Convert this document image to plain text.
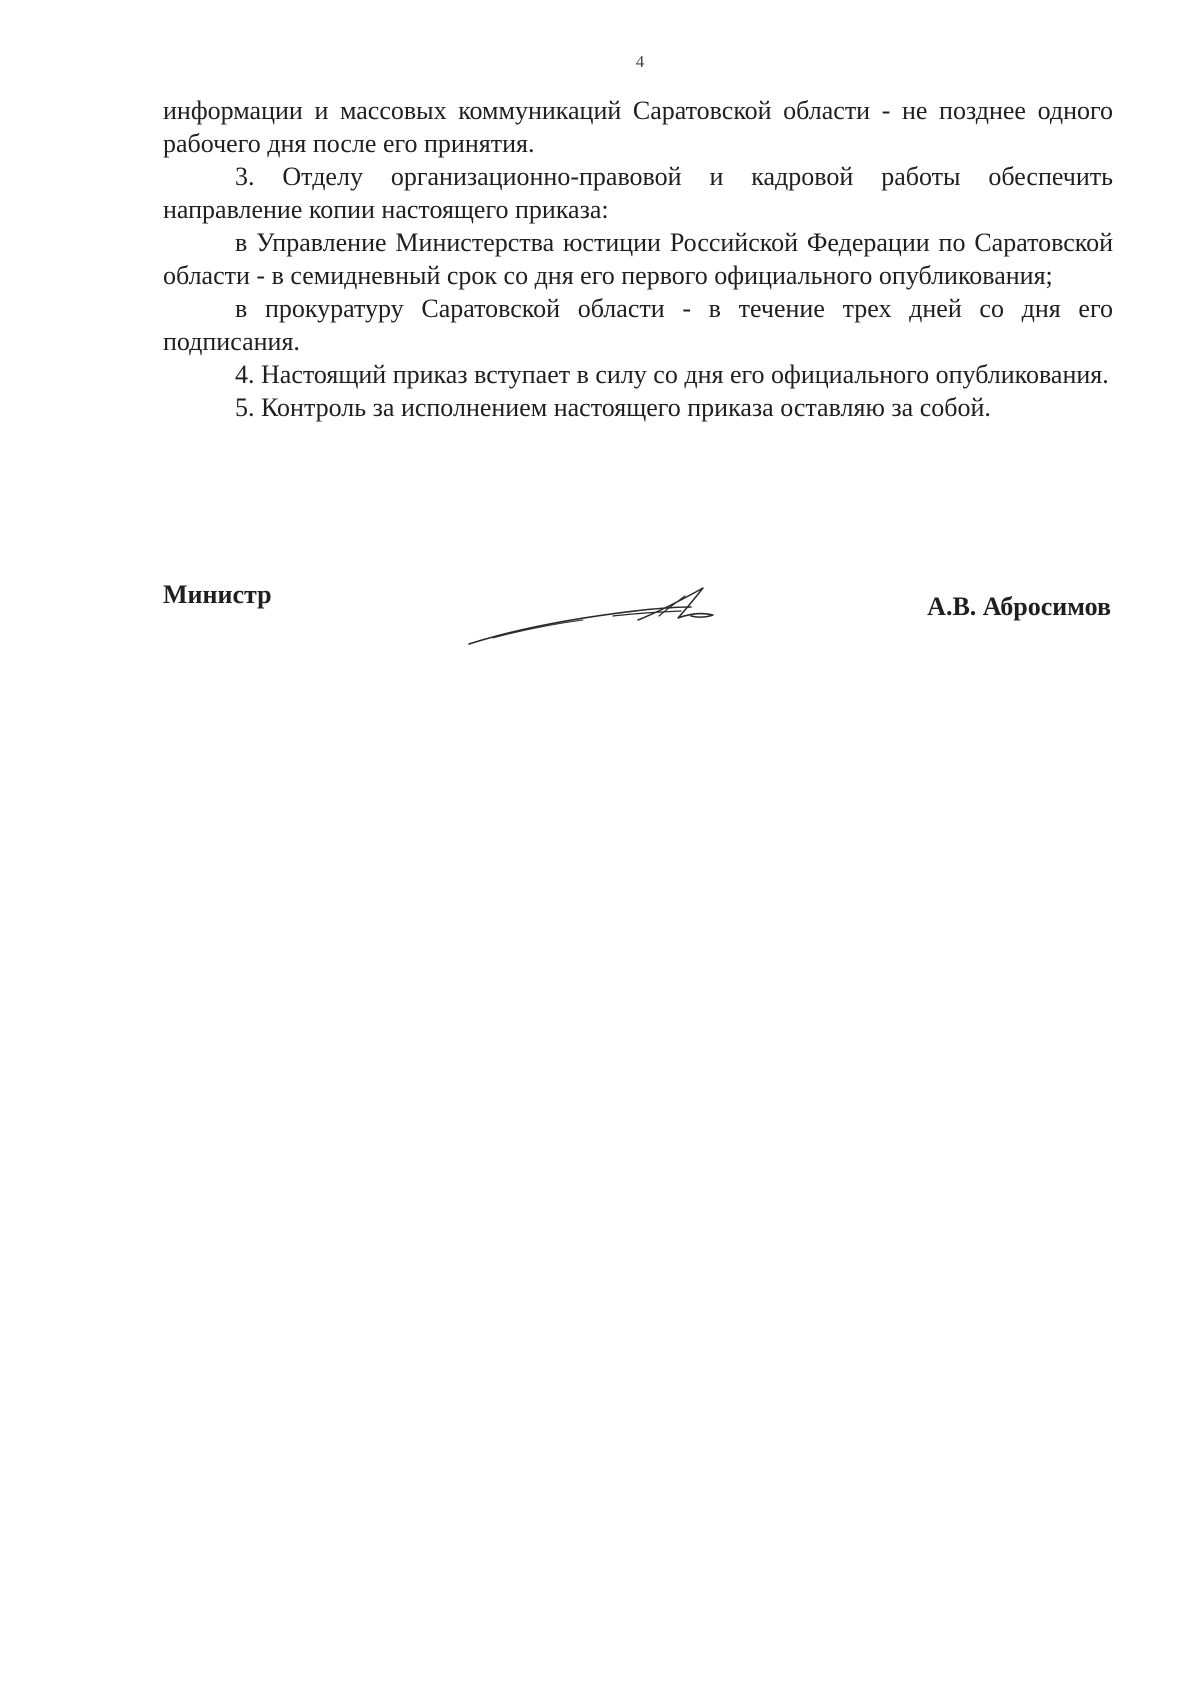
4

информации и массовых коммуникаций Саратовской области - не позднее одного рабочего дня после его принятия.

3. Отделу организационно-правовой и кадровой работы обеспечить направление копии настоящего приказа:

в Управление Министерства юстиции Российской Федерации по Саратовской области - в семидневный срок со дня его первого официального опубликования;

в прокуратуру Саратовской области - в течение трех дней со дня его подписания.

4. Настоящий приказ вступает в силу со дня его официального опубликования.

5. Контроль за исполнением настоящего приказа оставляю за собой.

Министр	А.В. Абросимов
